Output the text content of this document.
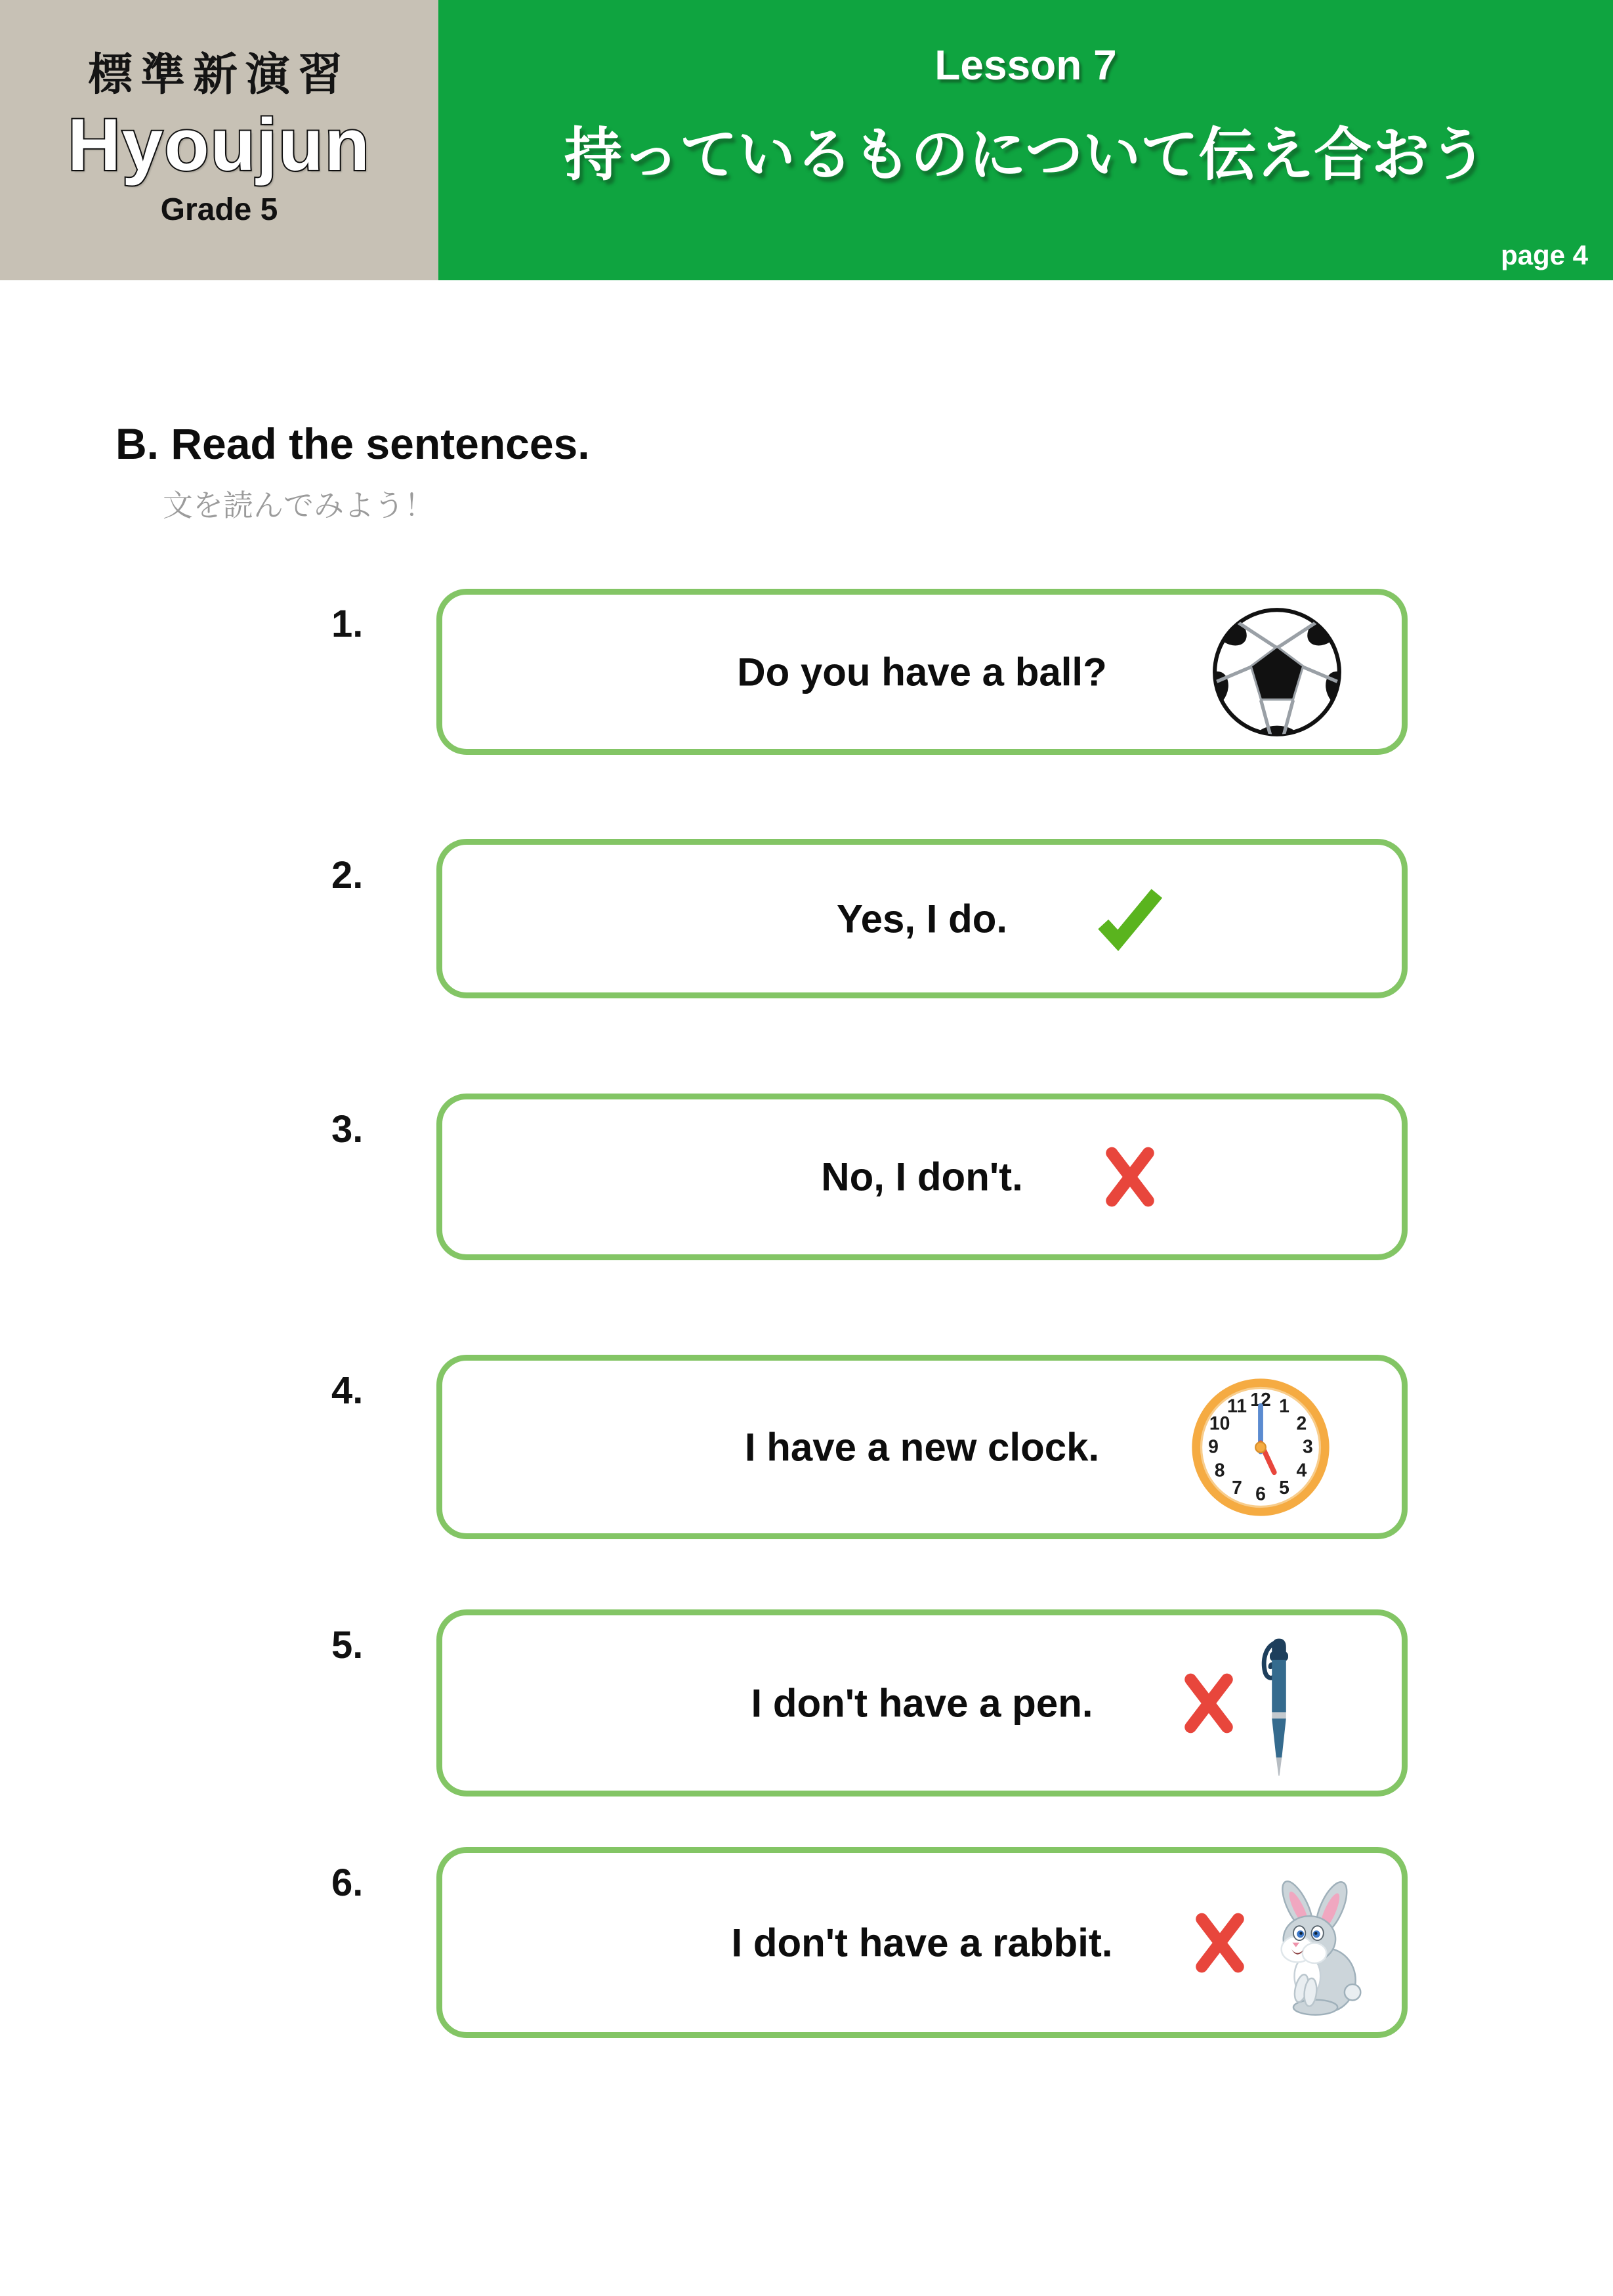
標準新演習
Hyoujun
Grade 5
Lesson 7
持っているものについて伝え合おう
page 4
B. Read the sentences.
文を読んでみよう！
1.
Do you have a ball?
2.
Yes, I do.
3.
No, I don't.
4.
I have a new clock.
12 1
2
3
4
5
6
7
8
9
10
11
5.
I don't have a pen.
6.
I don't have a rabbit.
